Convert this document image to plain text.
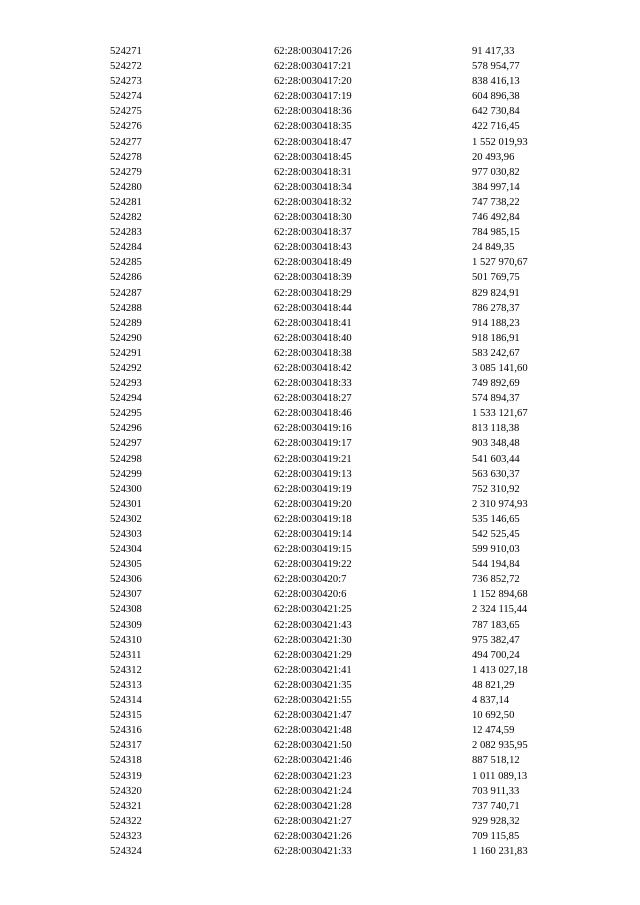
524271	62:28:0030417:26	91 417,33
524272	62:28:0030417:21	578 954,77
524273	62:28:0030417:20	838 416,13
524274	62:28:0030417:19	604 896,38
524275	62:28:0030418:36	642 730,84
524276	62:28:0030418:35	422 716,45
524277	62:28:0030418:47	1 552 019,93
524278	62:28:0030418:45	20 493,96
524279	62:28:0030418:31	977 030,82
524280	62:28:0030418:34	384 997,14
524281	62:28:0030418:32	747 738,22
524282	62:28:0030418:30	746 492,84
524283	62:28:0030418:37	784 985,15
524284	62:28:0030418:43	24 849,35
524285	62:28:0030418:49	1 527 970,67
524286	62:28:0030418:39	501 769,75
524287	62:28:0030418:29	829 824,91
524288	62:28:0030418:44	786 278,37
524289	62:28:0030418:41	914 188,23
524290	62:28:0030418:40	918 186,91
524291	62:28:0030418:38	583 242,67
524292	62:28:0030418:42	3 085 141,60
524293	62:28:0030418:33	749 892,69
524294	62:28:0030418:27	574 894,37
524295	62:28:0030418:46	1 533 121,67
524296	62:28:0030419:16	813 118,38
524297	62:28:0030419:17	903 348,48
524298	62:28:0030419:21	541 603,44
524299	62:28:0030419:13	563 630,37
524300	62:28:0030419:19	752 310,92
524301	62:28:0030419:20	2 310 974,93
524302	62:28:0030419:18	535 146,65
524303	62:28:0030419:14	542 525,45
524304	62:28:0030419:15	599 910,03
524305	62:28:0030419:22	544 194,84
524306	62:28:0030420:7	736 852,72
524307	62:28:0030420:6	1 152 894,68
524308	62:28:0030421:25	2 324 115,44
524309	62:28:0030421:43	787 183,65
524310	62:28:0030421:30	975 382,47
524311	62:28:0030421:29	494 700,24
524312	62:28:0030421:41	1 413 027,18
524313	62:28:0030421:35	48 821,29
524314	62:28:0030421:55	4 837,14
524315	62:28:0030421:47	10 692,50
524316	62:28:0030421:48	12 474,59
524317	62:28:0030421:50	2 082 935,95
524318	62:28:0030421:46	887 518,12
524319	62:28:0030421:23	1 011 089,13
524320	62:28:0030421:24	703 911,33
524321	62:28:0030421:28	737 740,71
524322	62:28:0030421:27	929 928,32
524323	62:28:0030421:26	709 115,85
524324	62:28:0030421:33	1 160 231,83
